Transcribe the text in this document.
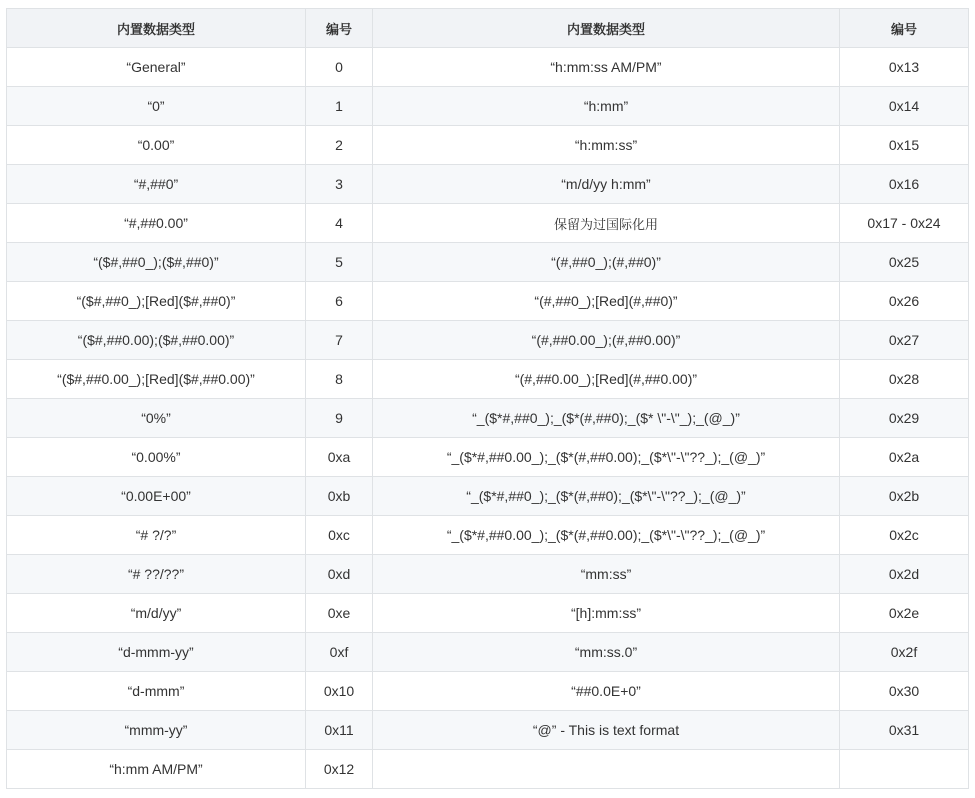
内置数据类型	编号	内置数据类型	编号
“General”	0	“h:mm:ss AM/PM”	0x13
“0”	1	“h:mm”	0x14
“0.00”	2	“h:mm:ss”	0x15
“#,##0”	3	“m/d/yy h:mm”	0x16
“#,##0.00”	4	保留为过国际化用	0x17 - 0x24
“($#,##0_);($#,##0)”	5	“(#,##0_);(#,##0)”	0x25
“($#,##0_);[Red]($#,##0)”	6	“(#,##0_);[Red](#,##0)”	0x26
“($#,##0.00);($#,##0.00)”	7	“(#,##0.00_);(#,##0.00)”	0x27
“($#,##0.00_);[Red]($#,##0.00)”	8	“(#,##0.00_);[Red](#,##0.00)”	0x28
“0%”	9	“_($*#,##0_);_($*(#,##0);_($* \"-\"_);_(@_)”	0x29
“0.00%”	0xa	“_($*#,##0.00_);_($*(#,##0.00);_($*\"-\"??_);_(@_)”	0x2a
“0.00E+00”	0xb	“_($*#,##0_);_($*(#,##0);_($*\"-\"??_);_(@_)”	0x2b
“# ?/?”	0xc	“_($*#,##0.00_);_($*(#,##0.00);_($*\"-\"??_);_(@_)”	0x2c
“# ??/??”	0xd	“mm:ss”	0x2d
“m/d/yy”	0xe	“[h]:mm:ss”	0x2e
“d-mmm-yy”	0xf	“mm:ss.0”	0x2f
“d-mmm”	0x10	“##0.0E+0”	0x30
“mmm-yy”	0x11	“@” - This is text format	0x31
“h:mm AM/PM”	0x12		
